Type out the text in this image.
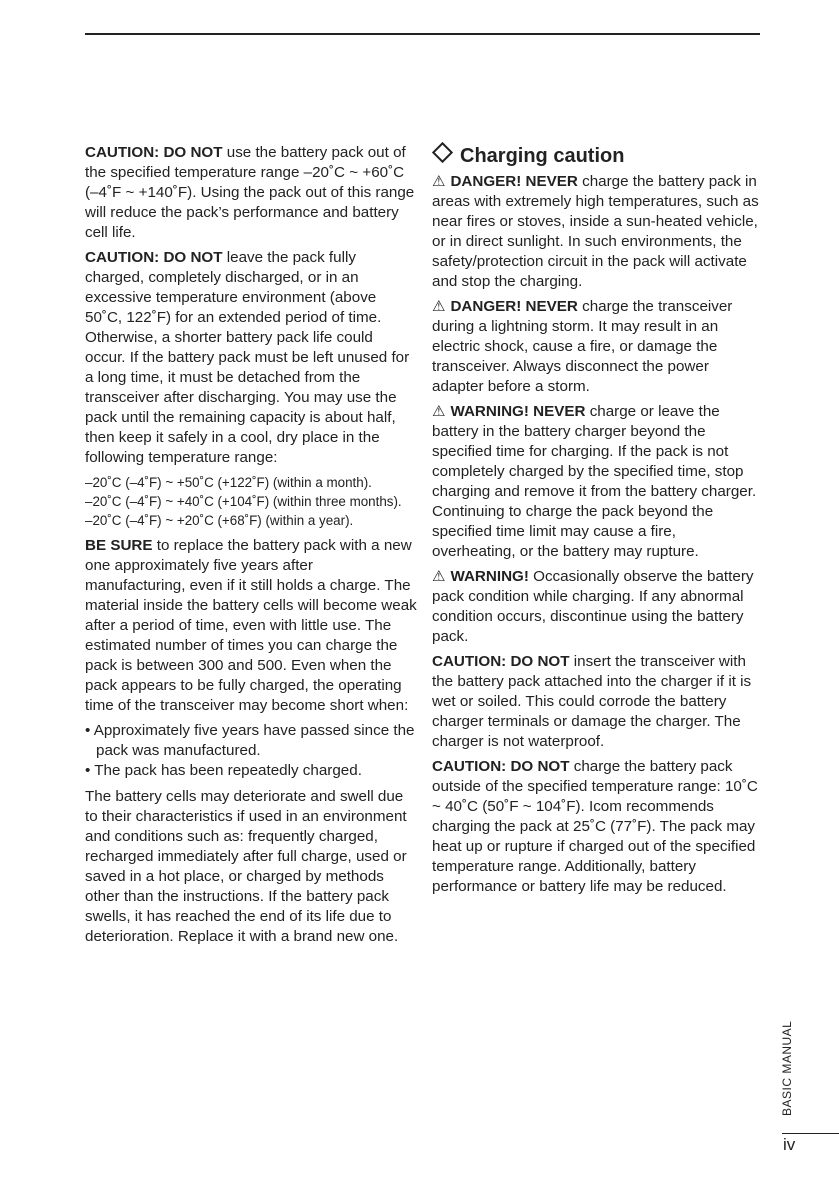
CAUTION: DO NOT use the battery pack out of the specified temperature range –20˚C ~ +60˚C (–4˚F ~ +140˚F). Using the pack out of this range will reduce the pack’s performance and battery cell life.

CAUTION: DO NOT leave the pack fully charged, completely discharged, or in an excessive temperature environment (above 50˚C, 122˚F) for an extended period of time. Otherwise, a shorter battery pack life could occur. If the battery pack must be left unused for a long time, it must be detached from the transceiver after discharging. You may use the pack until the remaining capacity is about half, then keep it safely in a cool, dry place in the following temperature range:

–20˚C (–4˚F) ~ +50˚C (+122˚F) (within a month).
–20˚C (–4˚F) ~ +40˚C (+104˚F) (within three months).
–20˚C (–4˚F) ~ +20˚C (+68˚F) (within a year).

BE SURE to replace the battery pack with a new one approximately five years after manufacturing, even if it still holds a charge. The material inside the battery cells will become weak after a period of time, even with little use. The estimated number of times you can charge the pack is between 300 and 500. Even when the pack appears to be fully charged, the operating time of the transceiver may become short when:

• Approximately five years have passed since the pack was manufactured.
• The pack has been repeatedly charged.

The battery cells may deteriorate and swell due to their characteristics if used in an environment and conditions such as: frequently charged, recharged immediately after full charge, used or saved in a hot place, or charged by methods other than the instructions. If the battery pack swells, it has reached the end of its life due to deterioration. Replace it with a brand new one.

Charging caution

⚠ DANGER! NEVER charge the battery pack in areas with extremely high temperatures, such as near fires or stoves, inside a sun-heated vehicle, or in direct sunlight. In such environments, the safety/protection circuit in the pack will activate and stop the charging.

⚠ DANGER! NEVER charge the transceiver during a lightning storm. It may result in an electric shock, cause a fire, or damage the transceiver. Always disconnect the power adapter before a storm.

⚠ WARNING! NEVER charge or leave the battery in the battery charger beyond the specified time for charging. If the pack is not completely charged by the specified time, stop charging and remove it from the battery charger. Continuing to charge the pack beyond the specified time limit may cause a fire, overheating, or the battery may rupture.

⚠ WARNING! Occasionally observe the battery pack condition while charging. If any abnormal condition occurs, discontinue using the battery pack.

CAUTION: DO NOT insert the transceiver with the battery pack attached into the charger if it is wet or soiled. This could corrode the battery charger terminals or damage the charger. The charger is not waterproof.

CAUTION: DO NOT charge the battery pack outside of the specified temperature range: 10˚C ~ 40˚C (50˚F ~ 104˚F). Icom recommends charging the pack at 25˚C (77˚F). The pack may heat up or rupture if charged out of the specified temperature range. Additionally, battery performance or battery life may be reduced.

BASIC MANUAL
iv
